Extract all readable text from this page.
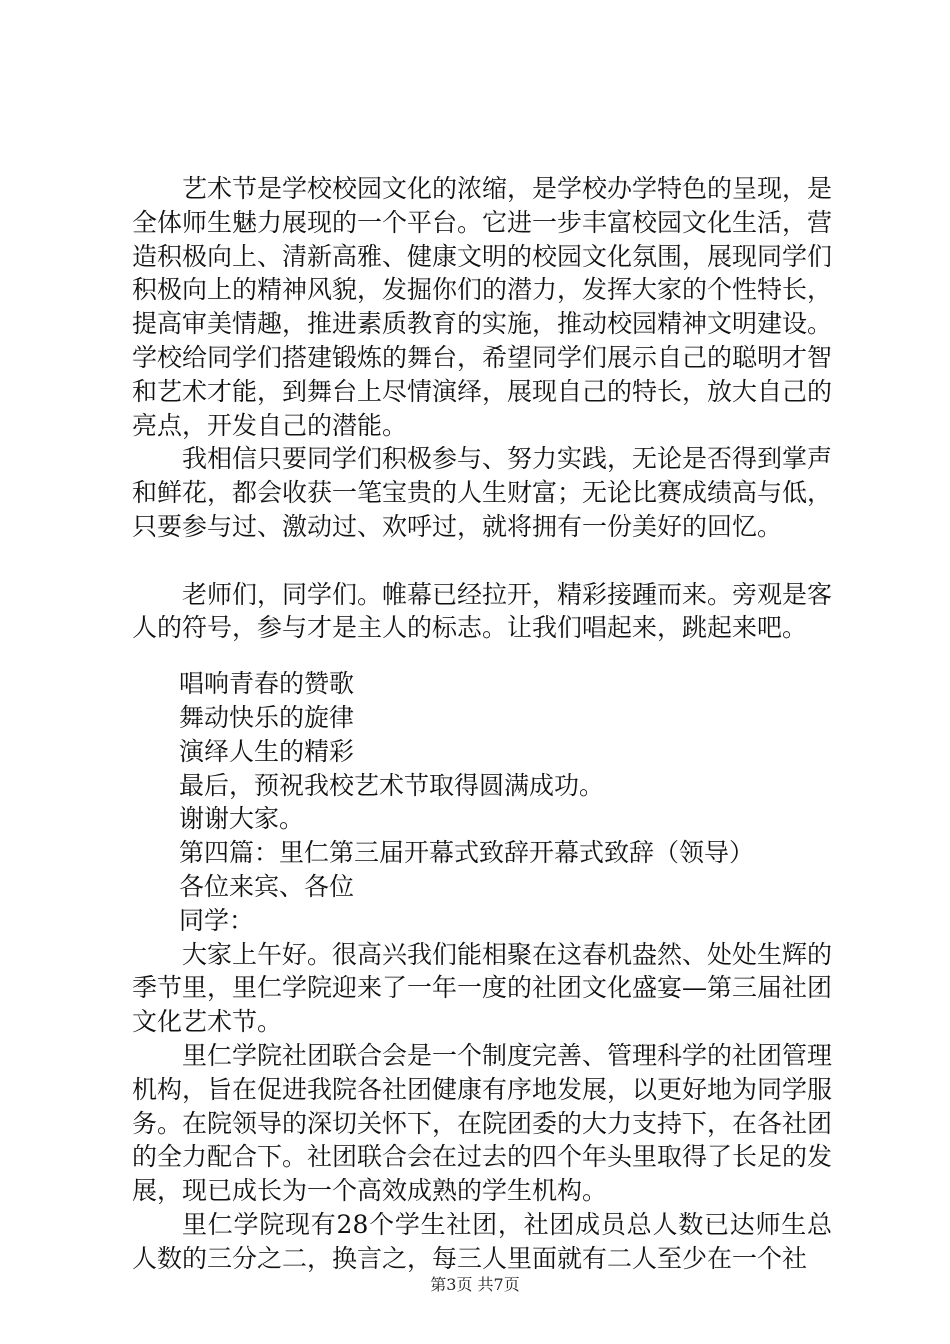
艺术节是学校校园文化的浓缩，是学校办学特色的呈现，是全体师生魅力展现的一个平台。它进一步丰富校园文化生活，营造积极向上、清新高雅、健康文明的校园文化氛围，展现同学们积极向上的精神风貌，发掘你们的潜力，发挥大家的个性特长，提高审美情趣，推进素质教育的实施，推动校园精神文明建设。学校给同学们搭建锻炼的舞台，希望同学们展示自己的聪明才智和艺术才能，到舞台上尽情演绎，展现自己的特长，放大自己的亮点，开发自己的潜能。

我相信只要同学们积极参与、努力实践，无论是否得到掌声和鲜花，都会收获一笔宝贵的人生财富；无论比赛成绩高与低，只要参与过、激动过、欢呼过，就将拥有一份美好的回忆。

老师们，同学们。帷幕已经拉开，精彩接踵而来。旁观是客人的符号，参与才是主人的标志。让我们唱起来，跳起来吧。

唱响青春的赞歌

舞动快乐的旋律

演绎人生的精彩

最后，预祝我校艺术节取得圆满成功。

谢谢大家。

第四篇：里仁第三届开幕式致辞开幕式致辞（领导）

各位来宾、各位

同学：

大家上午好。很高兴我们能相聚在这春机盎然、处处生辉的季节里，里仁学院迎来了一年一度的社团文化盛宴—第三届社团文化艺术节。

里仁学院社团联合会是一个制度完善、管理科学的社团管理机构，旨在促进我院各社团健康有序地发展，以更好地为同学服务。在院领导的深切关怀下，在院团委的大力支持下，在各社团的全力配合下。社团联合会在过去的四个年头里取得了长足的发展，现已成长为一个高效成熟的学生机构。

里仁学院现有28个学生社团，社团成员总人数已达师生总人数的三分之二，换言之，每三人里面就有二人至少在一个社

第3页 共7页
